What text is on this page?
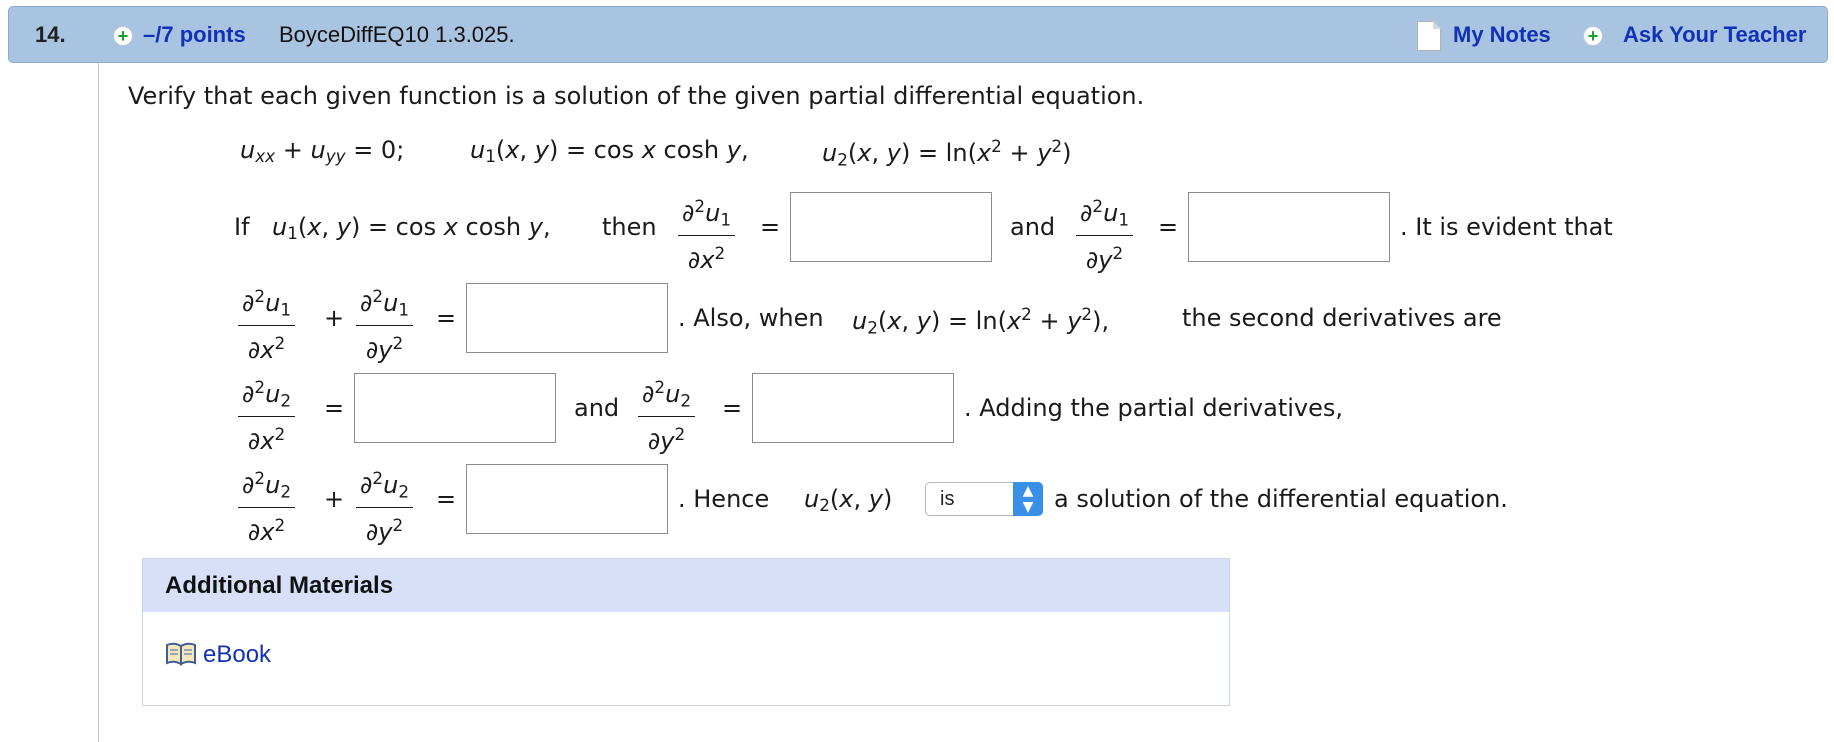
14.	+ –/7 points BoyceDiffEQ10 1.3.025.	My Notes + Ask Your Teacher
Verify that each given function is a solution of the given partial differential equation.
$u_{xx} + u_{yy} = 0$;	$u_1(x$, y) = cos x cosh y,	$u_2(x$, $y) = \ln(x^2 + y^2)$
If $u_1(x$, y) = cos x cosh y, then $\frac{\partial^2u_1}{\partial x^2}$ =	and $\frac{\partial^2u_1}{\partial y^2}$ =	. It is evident that
$\frac{\partial^2u_1}{\partial x^2} + \frac{\partial^2u_1}{\partial y^2}$ =	. Also, when $u_2(x$, $y) = \ln(x^2 + y^2)$,	the second derivatives are
$\frac{\partial^2u_2}{\partial x^2}$ =	and $\frac{\partial^2u_2}{\partial y^2}$ =	. Adding the partial derivatives,
$\frac{\partial^2u_2}{\partial x^2} + \frac{\partial^2u_2}{\partial y^2}$ =	. Hence $u_2(x$, y) is	▲
▼ a solution of the differential equation.
Additional Materials
eBook
